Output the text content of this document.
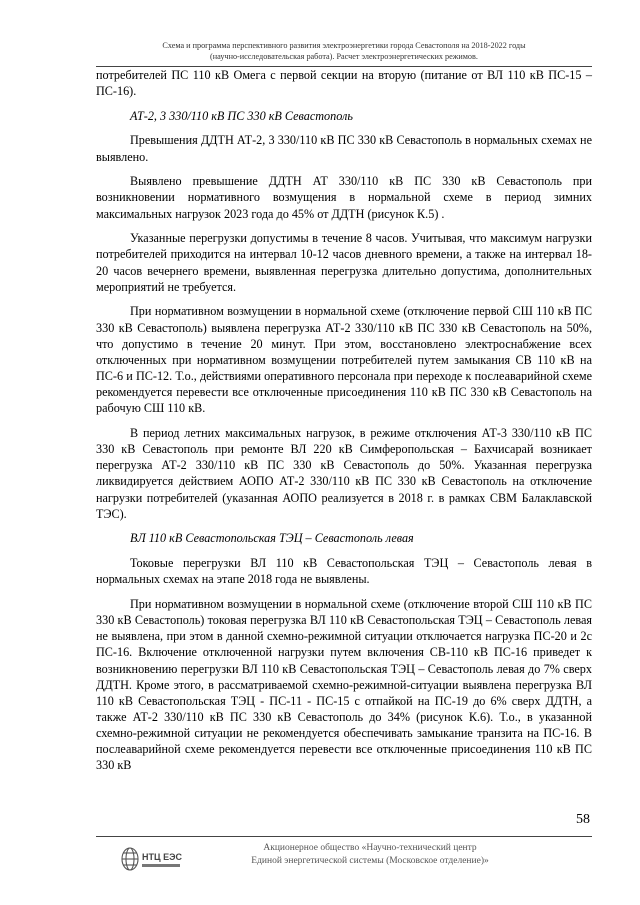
Схема и программа перспективного развития электроэнергетики города Севастополя на 2018-2022 годы
(научно-исследовательская работа). Расчет электроэнергетических режимов.

потребителей ПС 110 кВ Омега с первой секции на вторую (питание от ВЛ 110 кВ ПС-15 – ПС-16).

АТ-2, 3 330/110 кВ ПС 330 кВ Севастополь

Превышения ДДТН АТ-2, 3 330/110 кВ ПС 330 кВ Севастополь в нормальных схемах не выявлено.

Выявлено превышение ДДТН АТ 330/110 кВ ПС 330 кВ Севастополь при возникновении нормативного возмущения в нормальной схеме в период зимних максимальных нагрузок 2023 года до 45% от ДДТН (рисунок К.5) .

Указанные перегрузки допустимы в течение 8 часов. Учитывая, что максимум нагрузки потребителей приходится на интервал 10-12 часов дневного времени, а также на интервал 18-20 часов вечернего времени, выявленная перегрузка длительно допустима, дополнительных мероприятий не требуется.

При нормативном возмущении в нормальной схеме (отключение первой СШ 110 кВ ПС 330 кВ Севастополь) выявлена перегрузка АТ-2 330/110 кВ ПС 330 кВ Севастополь на 50%, что допустимо в течение 20 минут. При этом, восстановлено электроснабжение всех отключенных при нормативном возмущении потребителей путем замыкания СВ 110 кВ на ПС-6 и ПС-12. Т.о., действиями оперативного персонала при переходе к послеаварийной схеме рекомендуется перевести все отключенные присоединения 110 кВ ПС 330 кВ Севастополь на рабочую СШ 110 кВ.

В период летних максимальных нагрузок, в режиме отключения АТ-3 330/110 кВ ПС 330 кВ Севастополь при ремонте ВЛ 220 кВ Симферопольская – Бахчисарай возникает перегрузка АТ-2 330/110 кВ ПС 330 кВ Севастополь до 50%. Указанная перегрузка ликвидируется действием АОПО АТ-2 330/110 кВ ПС 330 кВ Севастополь на отключение нагрузки потребителей (указанная АОПО реализуется в 2018 г. в рамках СВМ Балаклавской ТЭС).

ВЛ 110 кВ Севастопольская ТЭЦ – Севастополь левая

Токовые перегрузки ВЛ 110 кВ Севастопольская ТЭЦ – Севастополь левая в нормальных схемах на этапе 2018 года не выявлены.

При нормативном возмущении в нормальной схеме (отключение второй СШ 110 кВ ПС 330 кВ Севастополь) токовая перегрузка ВЛ 110 кВ Севастопольская ТЭЦ – Севастополь левая не выявлена, при этом в данной схемно-режимной ситуации отключается нагрузка ПС-20 и 2с ПС-16. Включение отключенной нагрузки путем включения СВ-110 кВ ПС-16 приведет к возникновению перегрузки ВЛ 110 кВ Севастопольская ТЭЦ – Севастополь левая до 7% сверх ДДТН. Кроме этого, в рассматриваемой схемно-режимной-ситуации выявлена перегрузка ВЛ 110 кВ Севастопольская ТЭЦ - ПС-11 - ПС-15 с отпайкой на ПС-19 до 6% сверх ДДТН, а также АТ-2 330/110 кВ ПС 330 кВ Севастополь до 34% (рисунок К.6). Т.о., в указанной схемно-режимной ситуации не рекомендуется обеспечивать замыкание транзита на ПС-16. В послеаварийной схеме рекомендуется перевести все отключенные присоединения 110 кВ ПС 330 кВ

58
НТЦ ЕЭС
Акционерное общество «Научно-технический центр
Единой энергетической системы (Московское отделение)»
